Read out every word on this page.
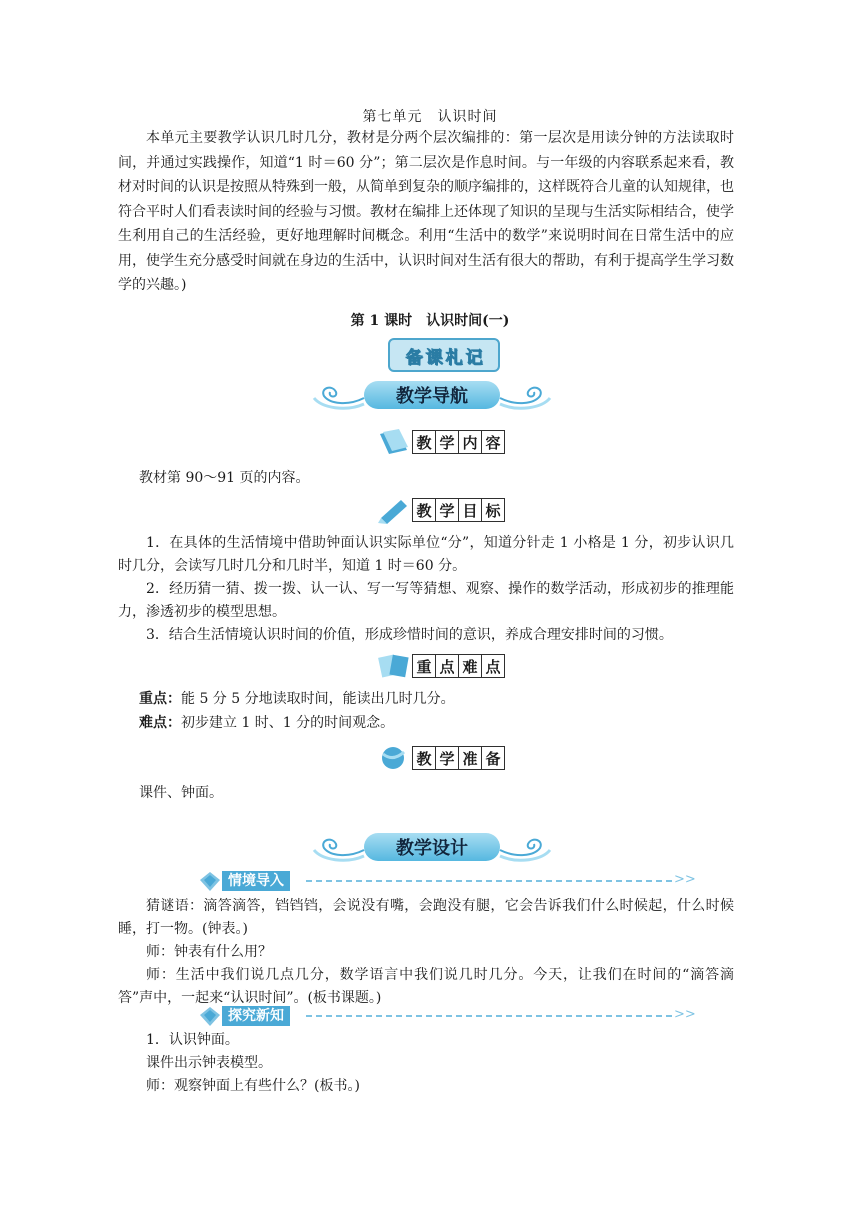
第七单元　认识时间

本单元主要教学认识几时几分，教材是分两个层次编排的：第一层次是用读分钟的方法读取时间，并通过实践操作，知道“1 时＝60 分”；第二层次是作息时间。与一年级的内容联系起来看，教材对时间的认识是按照从特殊到一般，从简单到复杂的顺序编排的，这样既符合儿童的认知规律，也符合平时人们看表读时间的经验与习惯。教材在编排上还体现了知识的呈现与生活实际相结合，使学生利用自己的生活经验，更好地理解时间概念。利用“生活中的数学”来说明时间在日常生活中的应用，使学生充分感受时间就在身边的生活中，认识时间对生活有很大的帮助，有利于提高学生学习数学的兴趣。)

第 1 课时　认识时间(一)
备 课 札 记
教学导航
教 学 内 容
教材第 90～91 页的内容。
教 学 目 标

1．在具体的生活情境中借助钟面认识实际单位“分”，知道分针走 1 小格是 1 分，初步认识几时几分，会读写几时几分和几时半，知道 1 时＝60 分。

2．经历猜一猜、拨一拨、认一认、写一写等猜想、观察、操作的数学活动，形成初步的推理能力，渗透初步的模型思想。

3．结合生活情境认识时间的价值，形成珍惜时间的意识，养成合理安排时间的习惯。

重 点 难 点
重点：能 5 分 5 分地读取时间，能读出几时几分。
难点：初步建立 1 时、1 分的时间观念。
教 学 准 备
课件、钟面。
教学设计
情境导入	>>

猜谜语：滴答滴答，铛铛铛，会说没有嘴，会跑没有腿，它会告诉我们什么时候起，什么时候睡，打一物。(钟表。)

师：钟表有什么用？

师：生活中我们说几点几分，数学语言中我们说几时几分。今天，让我们在时间的“滴答滴答”声中，一起来“认识时间”。(板书课题。)

探究新知	>>

1．认识钟面。

课件出示钟表模型。

师：观察钟面上有些什么？(板书。)
